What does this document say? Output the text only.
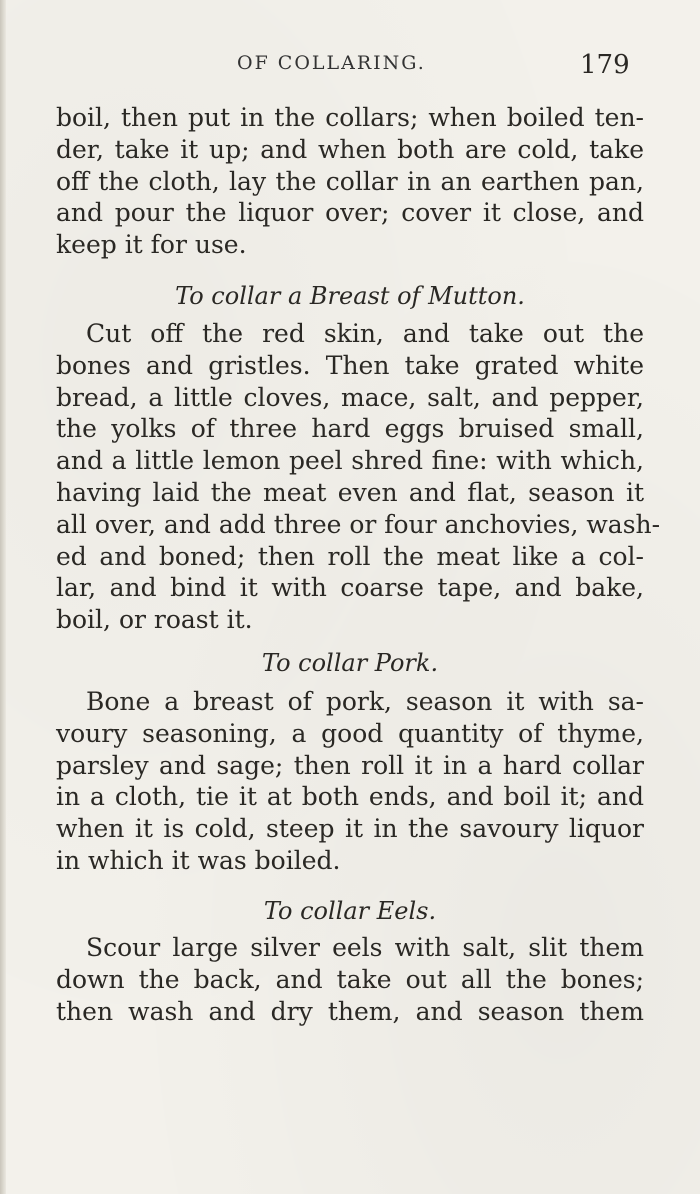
OF COLLARING.	179
boil, then put in the collars; when boiled ten-
der, take it up; and when both are cold, take
off the cloth, lay the collar in an earthen pan,
and pour the liquor over; cover it close, and
keep it for use.
To collar a Breast of Mutton.
Cut off the red skin, and take out the
bones and gristles. Then take grated white
bread, a little cloves, mace, salt, and pepper,
the yolks of three hard eggs bruised small,
and a little lemon peel shred fine: with which,
having laid the meat even and flat, season it
all over, and add three or four anchovies, wash-
ed and boned; then roll the meat like a col-
lar, and bind it with coarse tape, and bake,
boil, or roast it.
To collar Pork.
Bone a breast of pork, season it with sa-
voury seasoning, a good quantity of thyme,
parsley and sage; then roll it in a hard collar
in a cloth, tie it at both ends, and boil it; and
when it is cold, steep it in the savoury liquor
in which it was boiled.
To collar Eels.
Scour large silver eels with salt, slit them
down the back, and take out all the bones;
then wash and dry them, and season them
